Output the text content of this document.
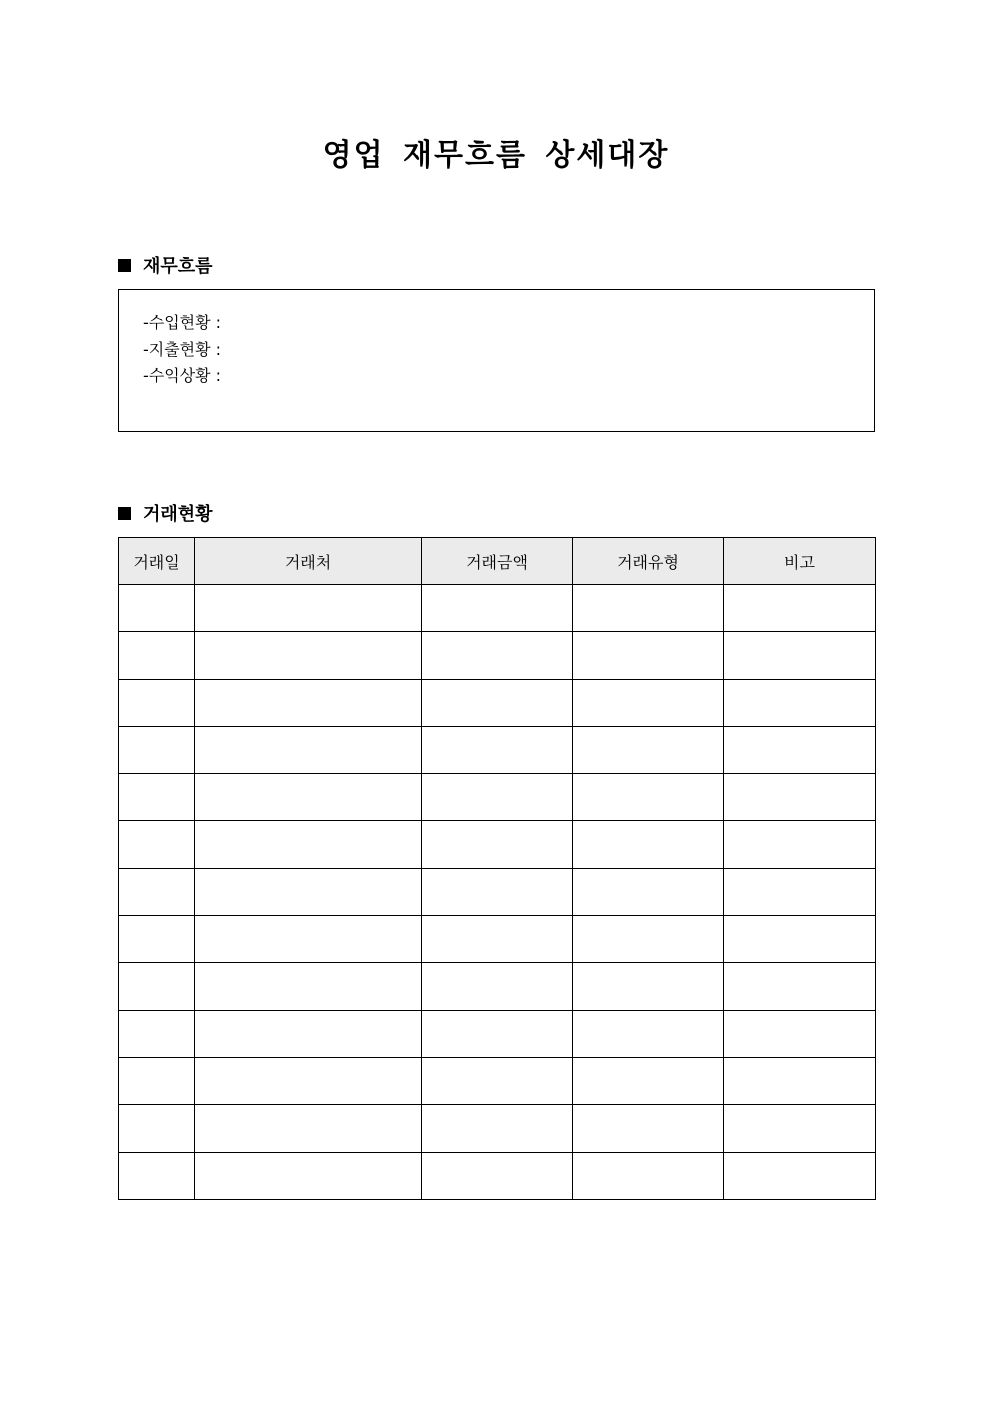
영업 재무흐름 상세대장
재무흐름
-수입현황 :
-지출현황 :
-수익상황 :
거래현황
거래일	거래처	거래금액	거래유형	비고
